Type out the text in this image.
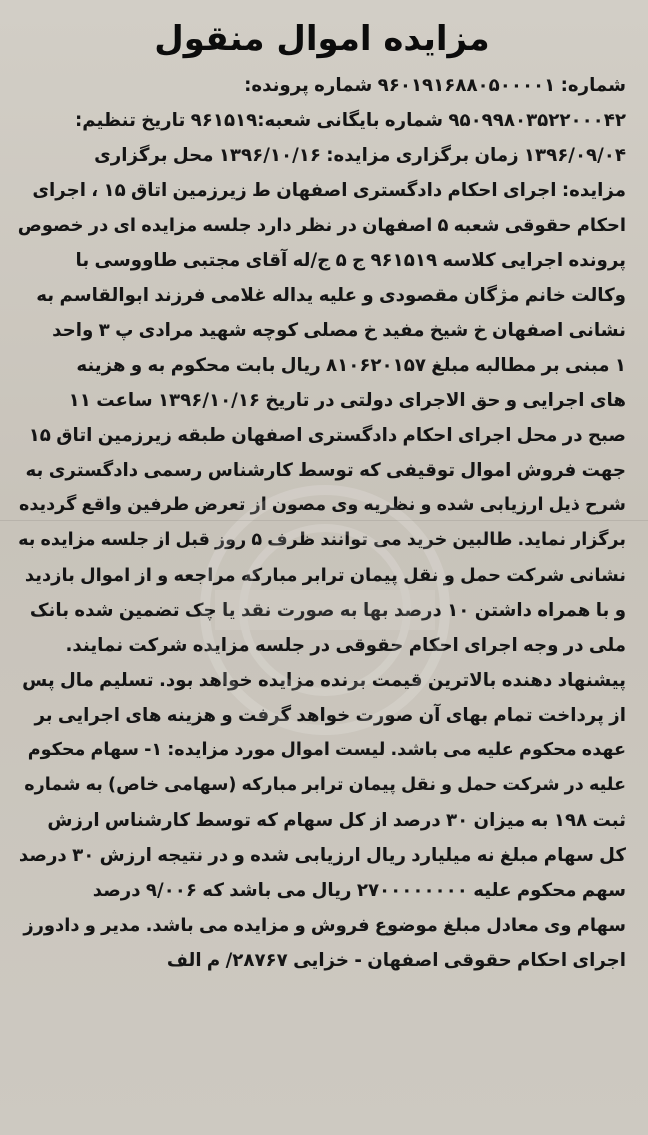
مزایده اموال منقول
شماره: ۹۶۰۱۹۱۶۸۸۰۵۰۰۰۰۱ شماره پرونده:
۹۵۰۹۹۸۰۳۵۲۲۰۰۰۴۲ شماره بایگانی شعبه:۹۶۱۵۱۹ تاریخ تنظیم:
۱۳۹۶/۰۹/۰۴ زمان برگزاری مزایده: ۱۳۹۶/۱۰/۱۶ محل برگزاری
مزایده: اجرای احکام دادگستری اصفهان ط زیرزمین اتاق ۱۵ ، اجرای
احکام حقوقی شعبه ۵ اصفهان در نظر دارد جلسه مزایده ای در خصوص
پرونده اجرایی کلاسه ۹۶۱۵۱۹ ج ۵ ج/له آقای مجتبی طاووسی با
وکالت خانم مژگان مقصودی و علیه یداله غلامی فرزند ابوالقاسم به
نشانی اصفهان خ شیخ مفید خ مصلی کوچه شهید مرادی پ ۳ واحد
۱ مبنی بر مطالبه مبلغ ۸۱۰۶۲۰۱۵۷ ریال بابت محکوم به و هزینه
های اجرایی و حق الاجرای دولتی در تاریخ ۱۳۹۶/۱۰/۱۶ ساعت ۱۱
صبح در محل اجرای احکام دادگستری اصفهان طبقه زیرزمین اتاق ۱۵
جهت فروش اموال توقیفی که توسط کارشناس رسمی دادگستری به
شرح ذیل ارزیابی شده و نظریه وی مصون از تعرض طرفین واقع گردیده
برگزار نماید. طالبین خرید می توانند ظرف ۵ روز قبل از جلسه مزایده به
نشانی شرکت حمل و نقل پیمان ترابر مبارکه مراجعه و از اموال بازدید
و با همراه داشتن ۱۰ درصد بها به صورت نقد یا چک تضمین شده بانک
ملی در وجه اجرای احکام حقوقی در جلسه مزایده شرکت نمایند.
پیشنهاد دهنده بالاترین قیمت برنده مزایده خواهد بود. تسلیم مال پس
از پرداخت تمام بهای آن صورت خواهد گرفت و هزینه های اجرایی بر
عهده محکوم علیه می باشد. لیست اموال مورد مزایده: ۱- سهام محکوم
علیه در شرکت حمل و نقل پیمان ترابر مبارکه (سهامی خاص) به شماره
ثبت ۱۹۸ به میزان ۳۰ درصد از کل سهام که توسط کارشناس ارزش
کل سهام مبلغ نه میلیارد ریال ارزیابی شده و در نتیجه ارزش ۳۰ درصد
سهم محکوم علیه ۲۷۰۰۰۰۰۰۰۰ ریال می باشد که ۹/۰۰۶ درصد
سهام وی معادل مبلغ موضوع فروش و مزایده می باشد. مدیر و دادورز
اجرای احکام حقوقی اصفهان - خزایی ۲۸۷۶۷/ م الف
